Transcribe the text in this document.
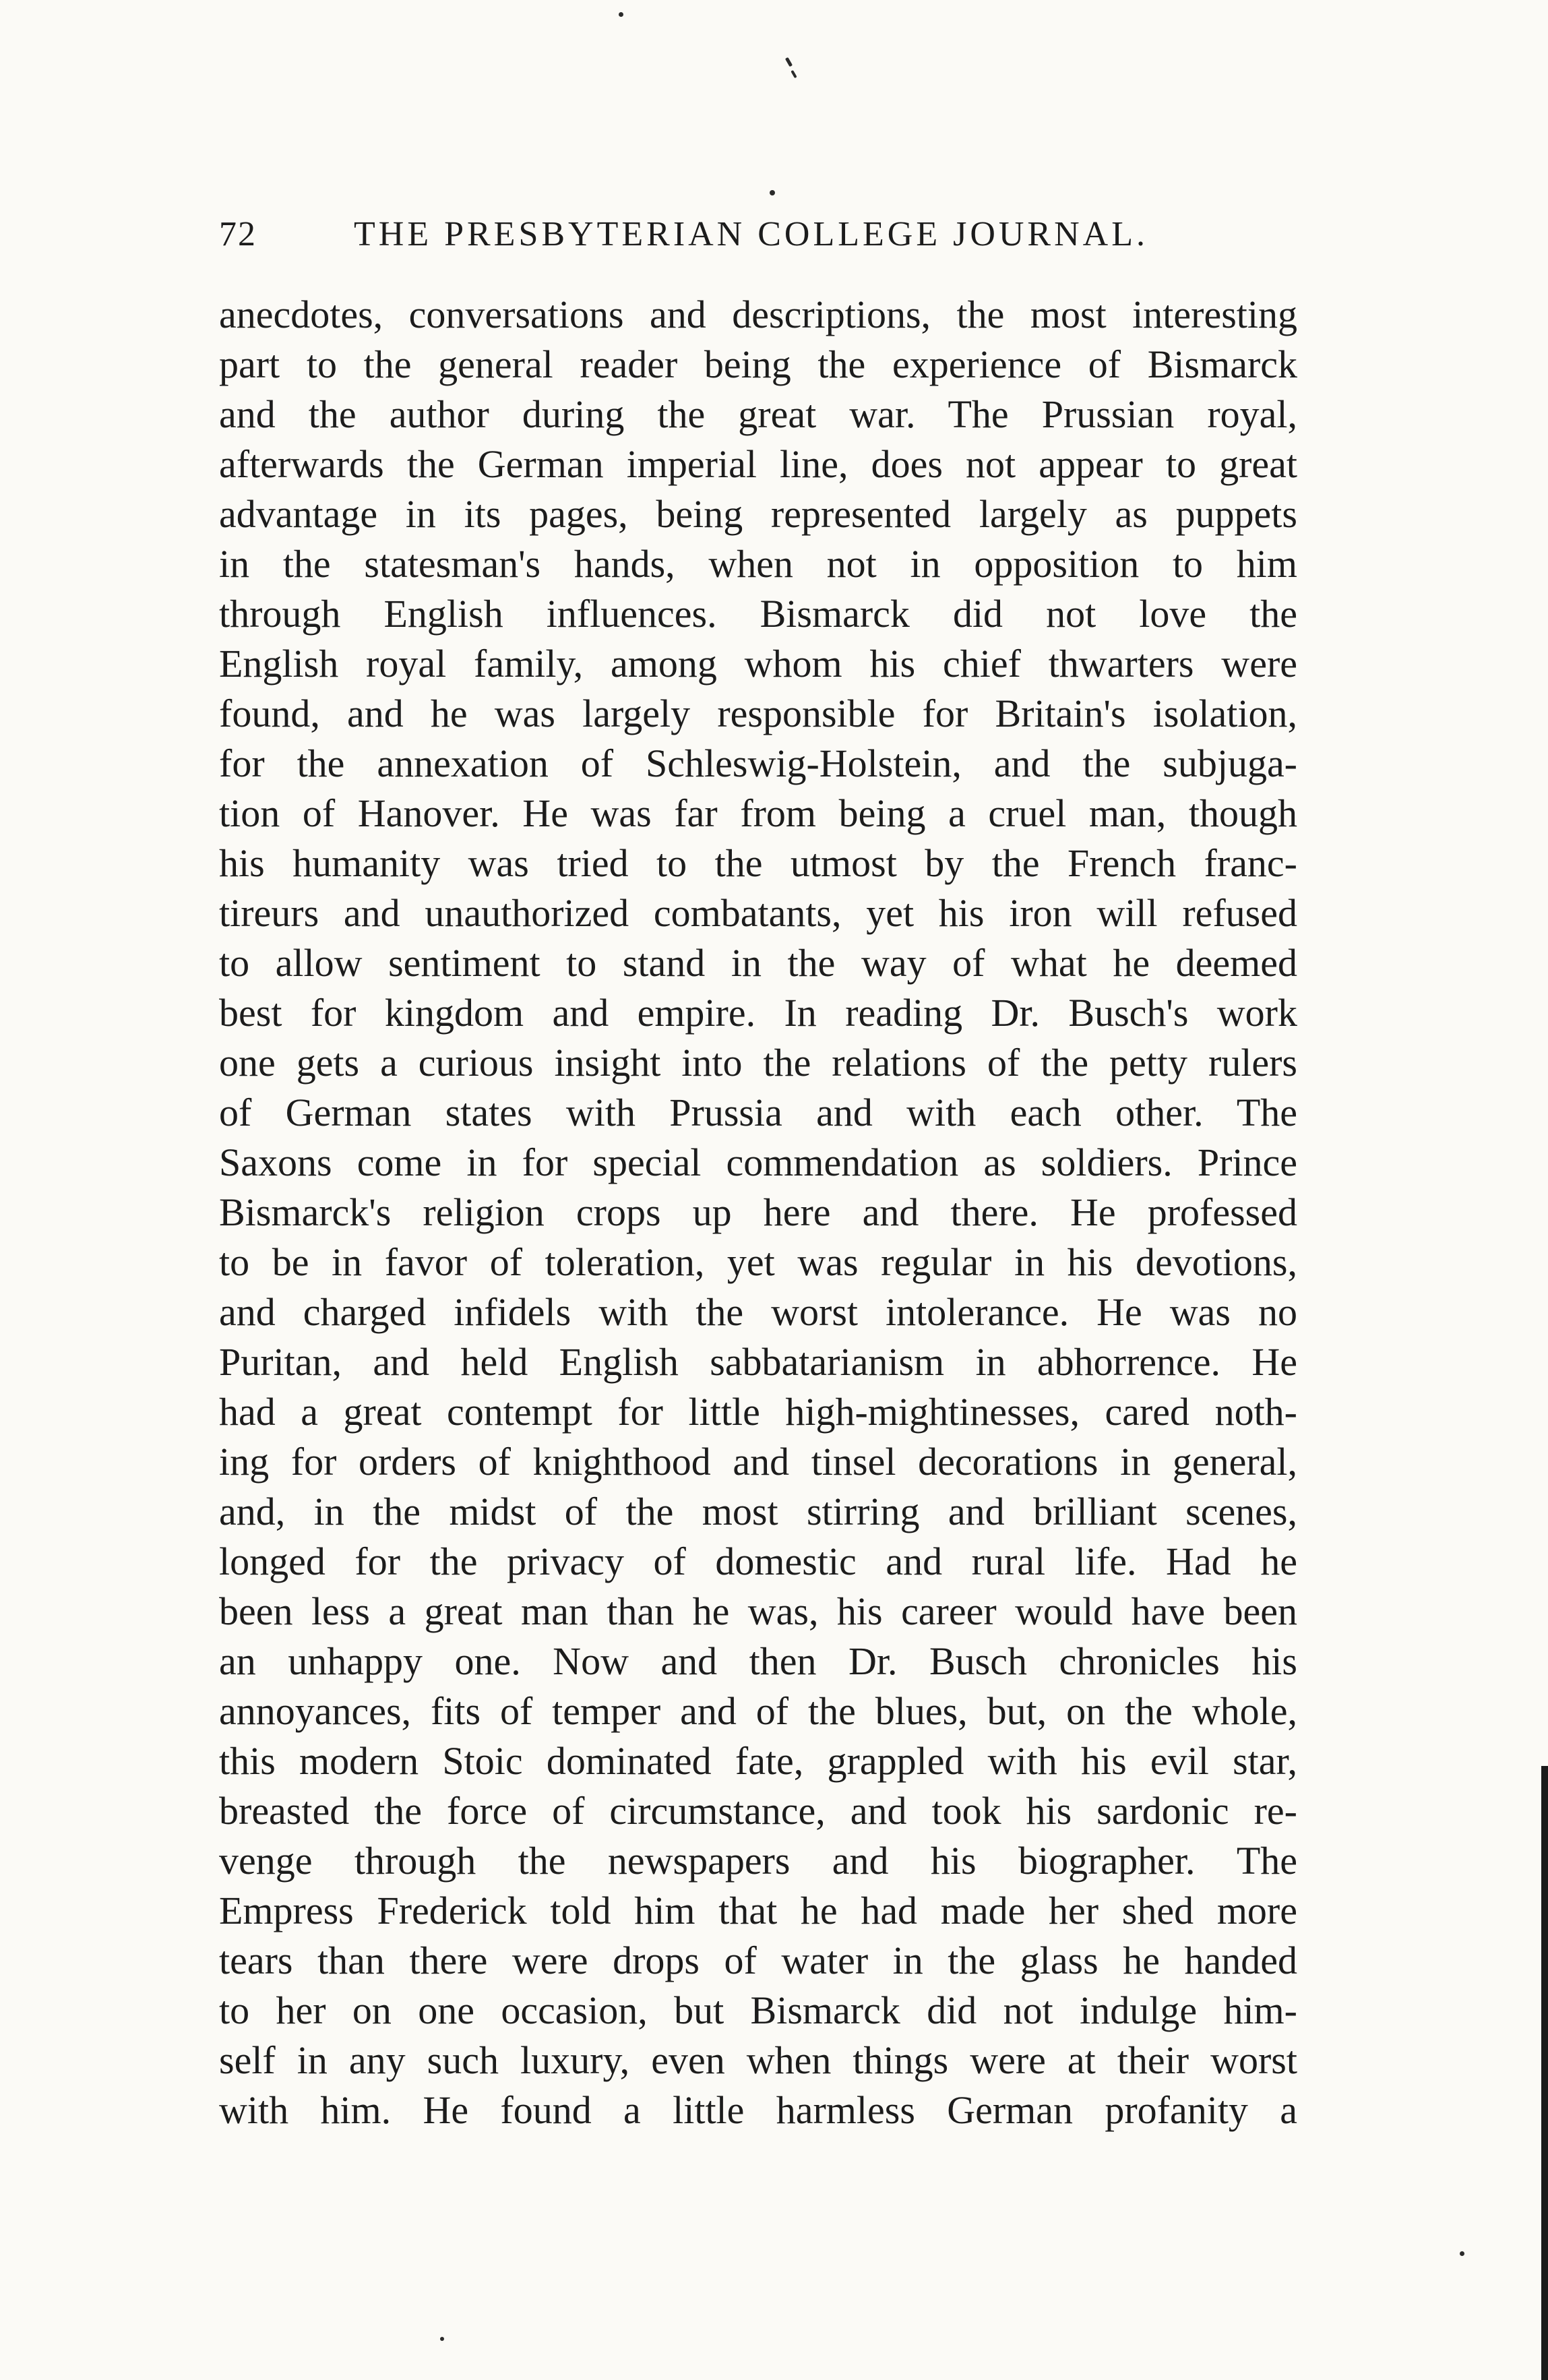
72	THE PRESBYTERIAN COLLEGE JOURNAL.
anecdotes, conversations and descriptions, the most interesting
part to the general reader being the experience of Bismarck
and the author during the great war. The Prussian royal,
afterwards the German imperial line, does not appear to great
advantage in its pages, being represented largely as puppets
in the statesman's hands, when not in opposition to him
through English influences. Bismarck did not love the
English royal family, among whom his chief thwarters were
found, and he was largely responsible for Britain's isolation,
for the annexation of Schleswig-Holstein, and the subjuga-
tion of Hanover. He was far from being a cruel man, though
his humanity was tried to the utmost by the French franc-
tireurs and unauthorized combatants, yet his iron will refused
to allow sentiment to stand in the way of what he deemed
best for kingdom and empire. In reading Dr. Busch's work
one gets a curious insight into the relations of the petty rulers
of German states with Prussia and with each other. The
Saxons come in for special commendation as soldiers. Prince
Bismarck's religion crops up here and there. He professed
to be in favor of toleration, yet was regular in his devotions,
and charged infidels with the worst intolerance. He was no
Puritan, and held English sabbatarianism in abhorrence. He
had a great contempt for little high-mightinesses, cared noth-
ing for orders of knighthood and tinsel decorations in general,
and, in the midst of the most stirring and brilliant scenes,
longed for the privacy of domestic and rural life. Had he
been less a great man than he was, his career would have been
an unhappy one. Now and then Dr. Busch chronicles his
annoyances, fits of temper and of the blues, but, on the whole,
this modern Stoic dominated fate, grappled with his evil star,
breasted the force of circumstance, and took his sardonic re-
venge through the newspapers and his biographer. The
Empress Frederick told him that he had made her shed more
tears than there were drops of water in the glass he handed
to her on one occasion, but Bismarck did not indulge him-
self in any such luxury, even when things were at their worst
with him. He found a little harmless German profanity a
